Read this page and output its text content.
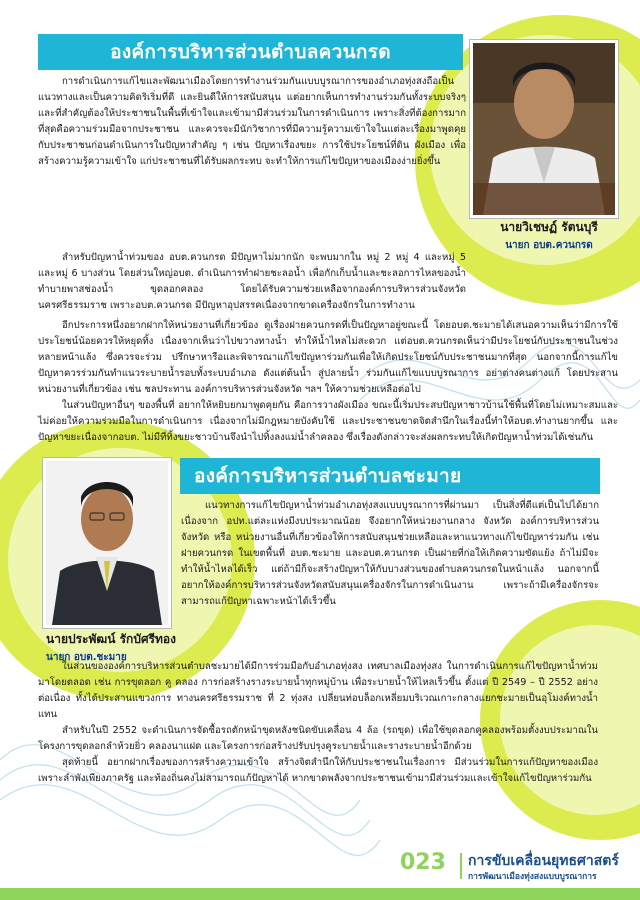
องค์การบริหารส่วนตำบลควนกรด
นายวิเชษฏ์ รัตนบุรี
นายก อบต.ควนกรด

การดำเนินการแก้ไขและพัฒนาเมืองโดยการทำงานร่วมกันแบบบูรณาการของอำเภอทุ่งสงถือเป็นแนวทางและเป็นความคิดริเริ่มที่ดี และยินดีให้การสนับสนุน แต่อยากเห็นการทำงานร่วมกันทั้งระบบจริงๆ และที่สำคัญต้องให้ประชาชนในพื้นที่เข้าใจและเข้ามามีส่วนร่วมในการดำเนินการ เพราะสิ่งที่ต้องการมากที่สุดคือความร่วมมือจากประชาชน และควรจะมีนักวิชาการที่มีความรู้ความเข้าใจในแต่ละเรื่องมาพูดคุย กับประชาชนก่อนดำเนินการในปัญหาสำคัญ ๆ เช่น ปัญหาเรื่องขยะ การใช้ประโยชน์ที่ดิน ผังเมือง เพื่อสร้างความรู้ความเข้าใจ แก่ประชาชนที่ได้รับผลกระทบ จะทำให้การแก้ไขปัญหาของเมืองง่ายยิ่งขึ้น

สำหรับปัญหาน้ำท่วมของ อบต.ควนกรด มีปัญหาไม่มากนัก จะพบมากใน หมู่ 2 หมู่ 4 และหมู่ 5 และหมู่ 6 บางส่วน โดยส่วนใหญ่อบต. ดำเนินการทำฝายชะลอน้ำ เพื่อกักเก็บน้ำและชะลอการไหลของน้ำ ทำบายพาสช่องน้ำ ขุดลอกคลอง โดยได้รับความช่วยเหลือจากองค์การบริหารส่วนจังหวัดนครศรีธรรมราช เพราะอบต.ควนกรด มีปัญหาอุปสรรคเนื่องจากขาดเครื่องจักรในการทำงาน

อีกประการหนึ่งอยากฝากให้หน่วยงานที่เกี่ยวข้อง ดูเรื่องฝายควนกรดที่เป็นปัญหาอยู่ขณะนี้ โดยอบต.ชะมายได้เสนอความเห็นว่ามีการใช้ประโยชน์น้อยควรให้หยุดทิ้ง เนื่องจากเห็นว่าไปขวางทางน้ำ ทำให้น้ำไหลไม่สะดวก แต่อบต.ควนกรดเห็นว่ามีประโยชน์กับประชาชนในช่วงหลายหน้าแล้ง ซึ่งควรจะร่วม ปรึกษาหารือและพิจารณาแก้ไขปัญหาร่วมกันเพื่อให้เกิดประโยชน์กับประชาชนมากที่สุด นอกจากนี้การแก้ไขปัญหาควรร่วมกันทำแนวระบายน้ำรอบทั้งระบบอำเภอ ดังแต่ต้นน้ำ สู่ปลายน้ำ ร่วมกันแก้ไขแบบบูรณาการ อย่าต่างคนต่างแก้ โดยประสานหน่วยงานที่เกี่ยวข้อง เช่น ชลประทาน องค์การบริหารส่วนจังหวัด ฯลฯ ให้ความช่วยเหลือต่อไป

ในส่วนปัญหาอื่นๆ ของพื้นที่ อยากให้หยิบยกมาพูดคุยกัน คือการวางผังเมือง ขณะนี้เริ่มประสบปัญหาชาวบ้านใช้พื้นที่โดยไม่เหมาะสมและไม่ค่อยให้ความร่วมมือในการดำเนินการ เนื่องจากไม่มีกฎหมายบังคับใช้ และประชาชนขาดจิตสำนึกในเรื่องนี้ทำให้อบต.ทำงานยากขึ้น และปัญหาขยะเนื่องจากอบต. ไม่มีที่ทิ้งขยะชาวบ้านจึงนำไปทิ้งลงแม่น้ำลำคลอง ซึ่งเรื่องดังกล่าวจะส่งผลกระทบให้เกิดปัญหาน้ำท่วมได้เช่นกัน

นายประพัฒน์ รักบัศรีทอง
นายก อบต.ชะมาย
องค์การบริหารส่วนตำบลชะมาย

แนวทางการแก้ไขปัญหาน้ำท่วมอำเภอทุ่งสงแบบบูรณาการที่ผ่านมา เป็นสิ่งที่ดีแต่เป็นไปได้ยากเนื่องจาก อปท.แต่ละแห่งมีงบประมาณน้อย จึงอยากให้หน่วยงานกลาง จังหวัด องค์การบริหารส่วนจังหวัด หรือ หน่วยงานอื่นที่เกี่ยวข้องให้การสนับสนุนช่วยเหลือและหาแนวทางแก้ไขปัญหาร่วมกัน เช่นฝายควนกรด ในเขตพื้นที่ อบต.ชะมาย และอบต.ควนกรด เป็นฝายที่ก่อให้เกิดความขัดแย้ง ถ้าไม่มีจะทำให้น้ำไหลได้เร็ว แต่ถ้ามีก็จะสร้างปัญหาให้กับบางส่วนของตำบลควนกรดในหน้าแล้ง นอกจากนี้อยากให้องค์การบริหารส่วนจังหวัดสนับสนุนเครื่องจักรในการดำเนินงาน เพราะถ้ามีเครื่องจักรจะสามารถแก้ปัญหาเฉพาะหน้าได้เร็วขึ้น

ในส่วนขององค์การบริหารส่วนตำบลชะมายได้มีการร่วมมือกับอำเภอทุ่งสง เทศบาลเมืองทุ่งสง ในการดำเนินการแก้ไขปัญหาน้ำท่วมมาโดยตลอด เช่น การขุดลอก คู คลอง การก่อสร้างรางระบายน้ำทุกหมู่บ้าน เพื่อระบายน้ำให้ไหลเร็วขึ้น ตั้งแต่ ปี 2549 – ปี 2552 อย่างต่อเนื่อง ทั้งได้ประสานแขวงการ ทางนครศรีธรรมราช ที่ 2 ทุ่งสง เปลี่ยนท่อบล็อกเหลี่ยมบริเวณเกาะกลางแยกชะมายเป็นอุโมงค์ทางน้ำแทน

สำหรับในปี 2552 จะดำเนินการจัดซื้อรถตักหน้าขุดหลังชนิดขับเคลื่อน 4 ล้อ (รถขุด) เพื่อใช้ขุดลอกคูคลองพร้อมตั้งงบประมาณในโครงการขุดลอกลำห้วยยิ่ว คลองนาแฝด และโครงการก่อสร้างปรับปรุงคูระบายน้ำและรางระบายน้ำอีกด้วย

สุดท้ายนี้ อยากฝากเรื่องของการสร้างความเข้าใจ สร้างจิตสำนึกให้กับประชาชนในเรื่องการ มีส่วนร่วมในการแก้ปัญหาของเมือง เพราะลำพังเพียงภาครัฐ และท้องถิ่นคงไม่สามารถแก้ปัญหาได้ หากขาดพลังจากประชาชนเข้ามามีส่วนร่วมและเข้าใจแก้ไขปัญหาร่วมกัน

023 การขับเคลื่อนยุทธศาสตร์
การพัฒนาเมืองทุ่งสงแบบบูรณาการ
